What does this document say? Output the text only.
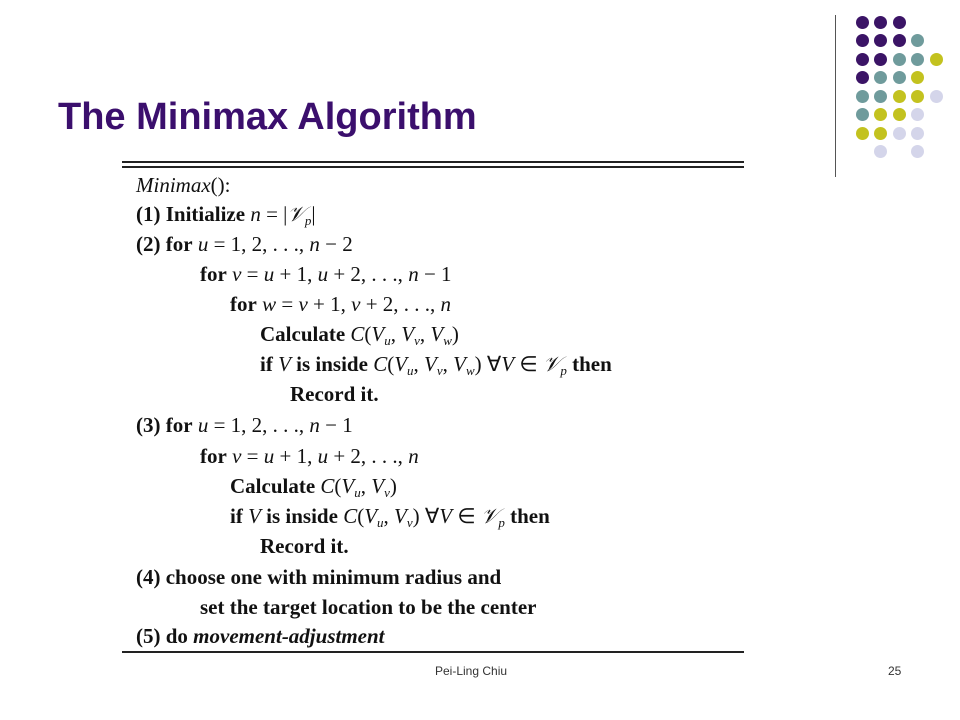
The Minimax Algorithm
Minimax():
(1) Initialize n = |𝒱$_p$|
(2) for u = 1, 2, . . ., n − 2
for v = u + 1, u + 2, . . ., n − 1
for w = v + 1, v + 2, . . ., n
Calculate $C(V_u$, $V_v$, $V_w$)
if V is inside $C(V_u$, $V_v$, $V_w$) ∀V ∈ 𝒱$_p$ then
Record it.
(3) for u = 1, 2, . . ., n − 1
for v = u + 1, u + 2, . . ., n
Calculate $C(V_u$, $V_v$)
if V is inside $C(V_u$, $V_v$) ∀V ∈ 𝒱$_p$ then
Record it.
(4) choose one with minimum radius and
set the target location to be the center
(5) do movement-adjustment
Pei-Ling Chiu	25
